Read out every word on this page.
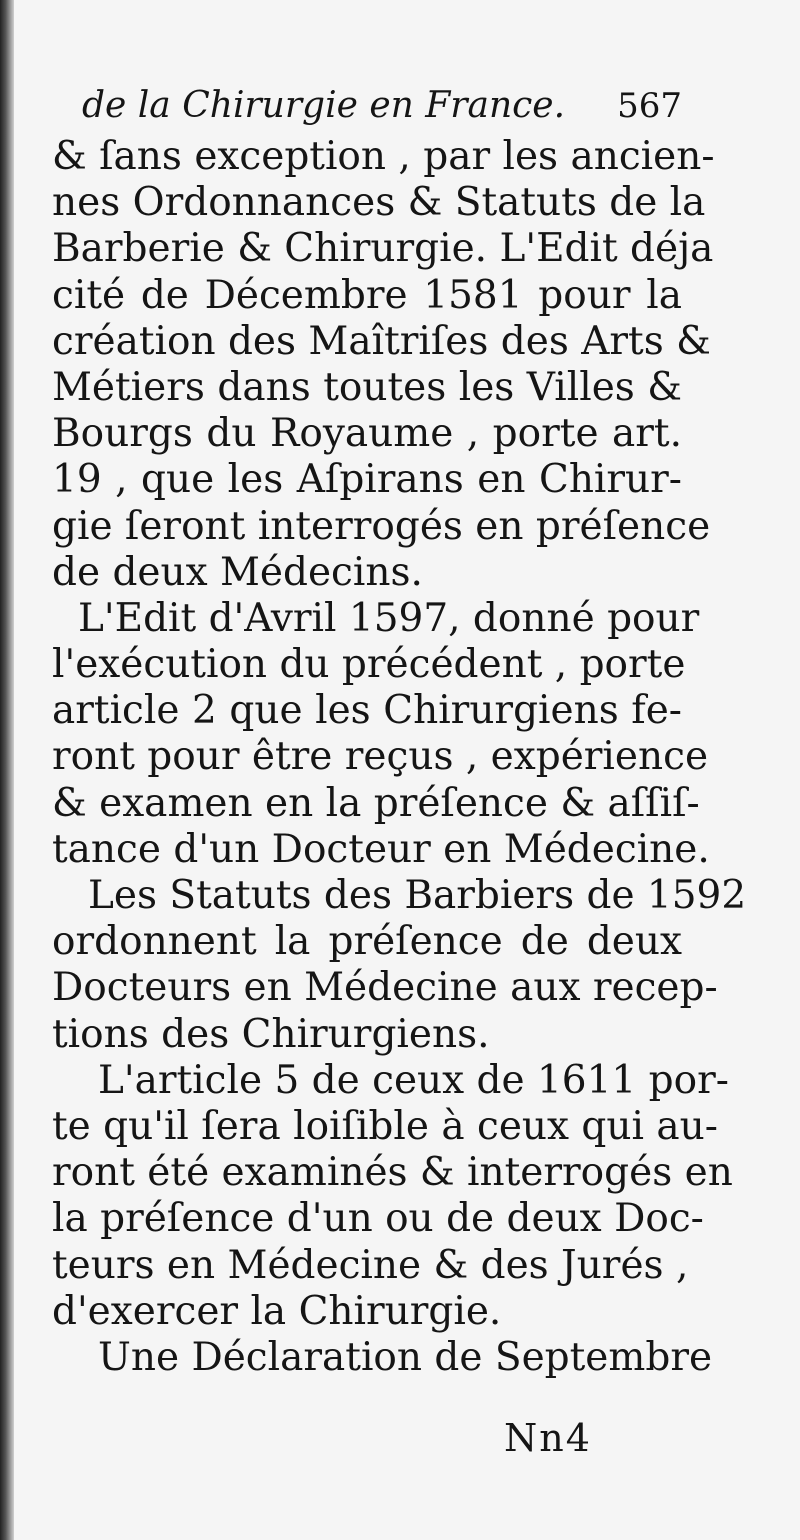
de la Chirurgie en France. 567
& ſans exception , par les ancien-
nes Ordonnances & Statuts de la
Barberie & Chirurgie. L'Edit déja
cité de Décembre 1581 pour la
création des Maîtriſes des Arts &
Métiers dans toutes les Villes &
Bourgs du Royaume , porte art.
19 , que les Aſpirans en Chirur-
gie ſeront interrogés en préſence
de deux Médecins.
L'Edit d'Avril 1597, donné pour
l'exécution du précédent , porte
article 2 que les Chirurgiens fe-
ront pour être reçus , expérience
& examen en la préſence & aſſiſ-
tance d'un Docteur en Médecine.
Les Statuts des Barbiers de 1592
ordonnent la préſence de deux
Docteurs en Médecine aux recep-
tions des Chirurgiens.
L'article 5 de ceux de 1611 por-
te qu'il ſera loiſible à ceux qui au-
ront été examinés & interrogés en
la préſence d'un ou de deux Doc-
teurs en Médecine & des Jurés ,
d'exercer la Chirurgie.
Une Déclaration de Septembre
Nn4
